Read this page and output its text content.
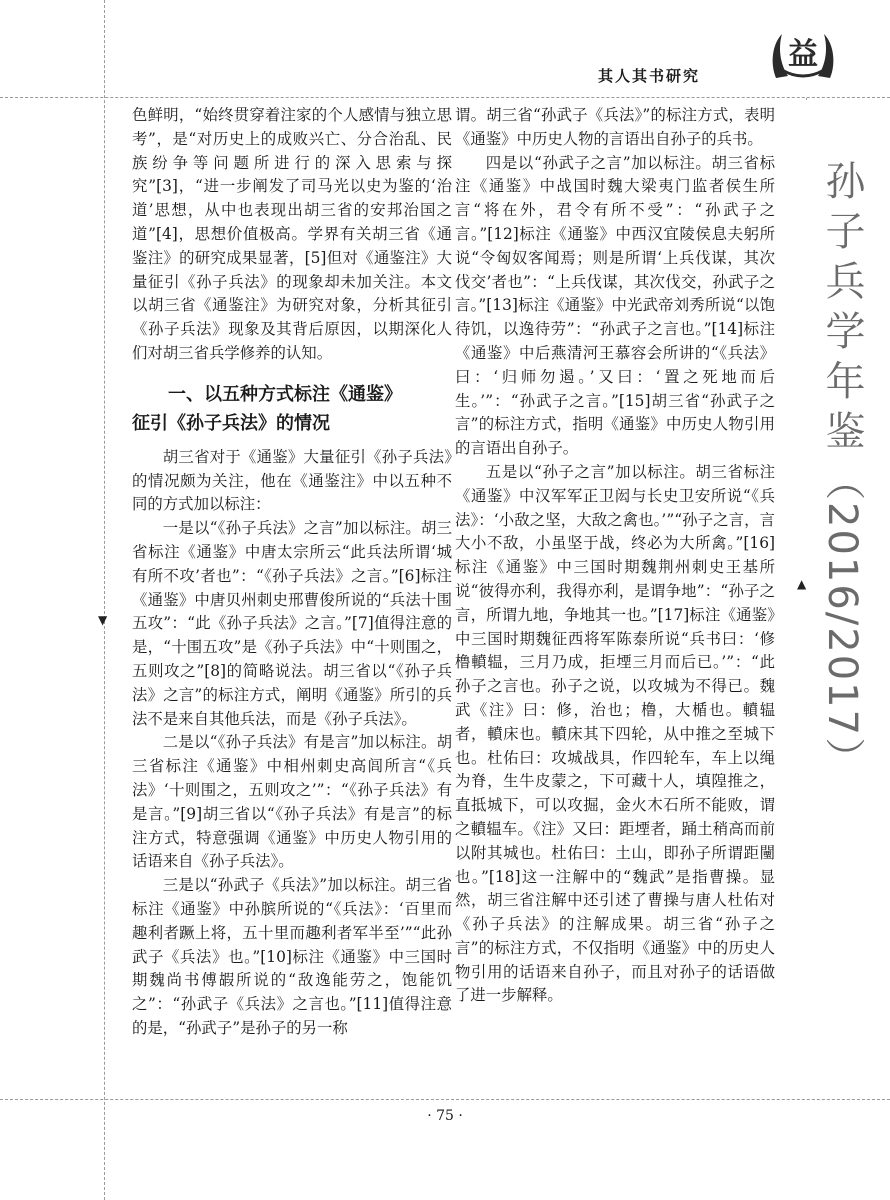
▼
▲
其人其书研究
益
孙子兵学年鉴（2016/2017）

色鲜明，“始终贯穿着注家的个人感情与独立思考”，是“对历史上的成败兴亡、分合治乱、民族纷争等问题所进行的深入思索与探究”[3]，“进一步阐发了司马光以史为鉴的‘治道’思想，从中也表现出胡三省的安邦治国之道”[4]，思想价值极高。学界有关胡三省《通鉴注》的研究成果显著，[5]但对《通鉴注》大量征引《孙子兵法》的现象却未加关注。本文以胡三省《通鉴注》为研究对象，分析其征引《孙子兵法》现象及其背后原因，以期深化人们对胡三省兵学修养的认知。

一、以五种方式标注《通鉴》
征引《孙子兵法》的情况

胡三省对于《通鉴》大量征引《孙子兵法》的情况颇为关注，他在《通鉴注》中以五种不同的方式加以标注：

一是以“《孙子兵法》之言”加以标注。胡三省标注《通鉴》中唐太宗所云“此兵法所谓‘城有所不攻’者也”：“《孙子兵法》之言。”[6]标注《通鉴》中唐贝州刺史邢曹俊所说的“兵法十围五攻”：“此《孙子兵法》之言。”[7]值得注意的是，“十围五攻”是《孙子兵法》中“十则围之，五则攻之”[8]的简略说法。胡三省以“《孙子兵法》之言”的标注方式，阐明《通鉴》所引的兵法不是来自其他兵法，而是《孙子兵法》。

二是以“《孙子兵法》有是言”加以标注。胡三省标注《通鉴》中相州刺史高闾所言“《兵法》‘十则围之，五则攻之’”：“《孙子兵法》有是言。”[9]胡三省以“《孙子兵法》有是言”的标注方式，特意强调《通鉴》中历史人物引用的话语来自《孙子兵法》。

三是以“孙武子《兵法》”加以标注。胡三省标注《通鉴》中孙膑所说的“《兵法》：‘百里而趣利者蹶上将，五十里而趣利者军半至’”“此孙武子《兵法》也。”[10]标注《通鉴》中三国时期魏尚书傅嘏所说的“敌逸能劳之，饱能饥之”：“孙武子《兵法》之言也。”[11]值得注意的是，“孙武子”是孙子的另一称

谓。胡三省“孙武子《兵法》”的标注方式，表明《通鉴》中历史人物的言语出自孙子的兵书。

四是以“孙武子之言”加以标注。胡三省标注《通鉴》中战国时魏大梁夷门监者侯生所言“将在外，君令有所不受”：“孙武子之言。”[12]标注《通鉴》中西汉宜陵侯息夫躬所说“令匈奴客闻焉；则是所谓‘上兵伐谋，其次伐交’者也”：“上兵伐谋，其次伐交，孙武子之言。”[13]标注《通鉴》中光武帝刘秀所说“以饱待饥，以逸待劳”：“孙武子之言也。”[14]标注《通鉴》中后燕清河王慕容会所讲的“《兵法》曰：‘归师勿遏。’又曰：‘置之死地而后生。’”：“孙武子之言。”[15]胡三省“孙武子之言”的标注方式，指明《通鉴》中历史人物引用的言语出自孙子。

五是以“孙子之言”加以标注。胡三省标注《通鉴》中汉军军正卫闳与长史卫安所说“《兵法》：‘小敌之坚，大敌之禽也。’”“孙子之言，言大小不敌，小虽坚于战，终必为大所禽。”[16]标注《通鉴》中三国时期魏荆州刺史王基所说“彼得亦利，我得亦利，是谓争地”：“孙子之言，所谓九地，争地其一也。”[17]标注《通鉴》中三国时期魏征西将军陈泰所说“兵书曰：‘修橹轒辒，三月乃成，拒堙三月而后已。’”：“此孙子之言也。孙子之说，以攻城为不得已。魏武《注》曰：修，治也；橹，大楯也。轒辒者，轒床也。轒床其下四轮，从中推之至城下也。杜佑曰：攻城战具，作四轮车，车上以绳为脊，生牛皮蒙之，下可藏十人，填隍推之，直抵城下，可以攻掘，金火木石所不能败，谓之轒辒车。《注》又曰：距堙者，踊土稍高而前以附其城也。杜佑曰：土山，即孙子所谓距闉也。”[18]这一注解中的“魏武”是指曹操。显然，胡三省注解中还引述了曹操与唐人杜佑对《孙子兵法》的注解成果。胡三省“孙子之言”的标注方式，不仅指明《通鉴》中的历史人物引用的话语来自孙子，而且对孙子的话语做了进一步解释。

· 75 ·
